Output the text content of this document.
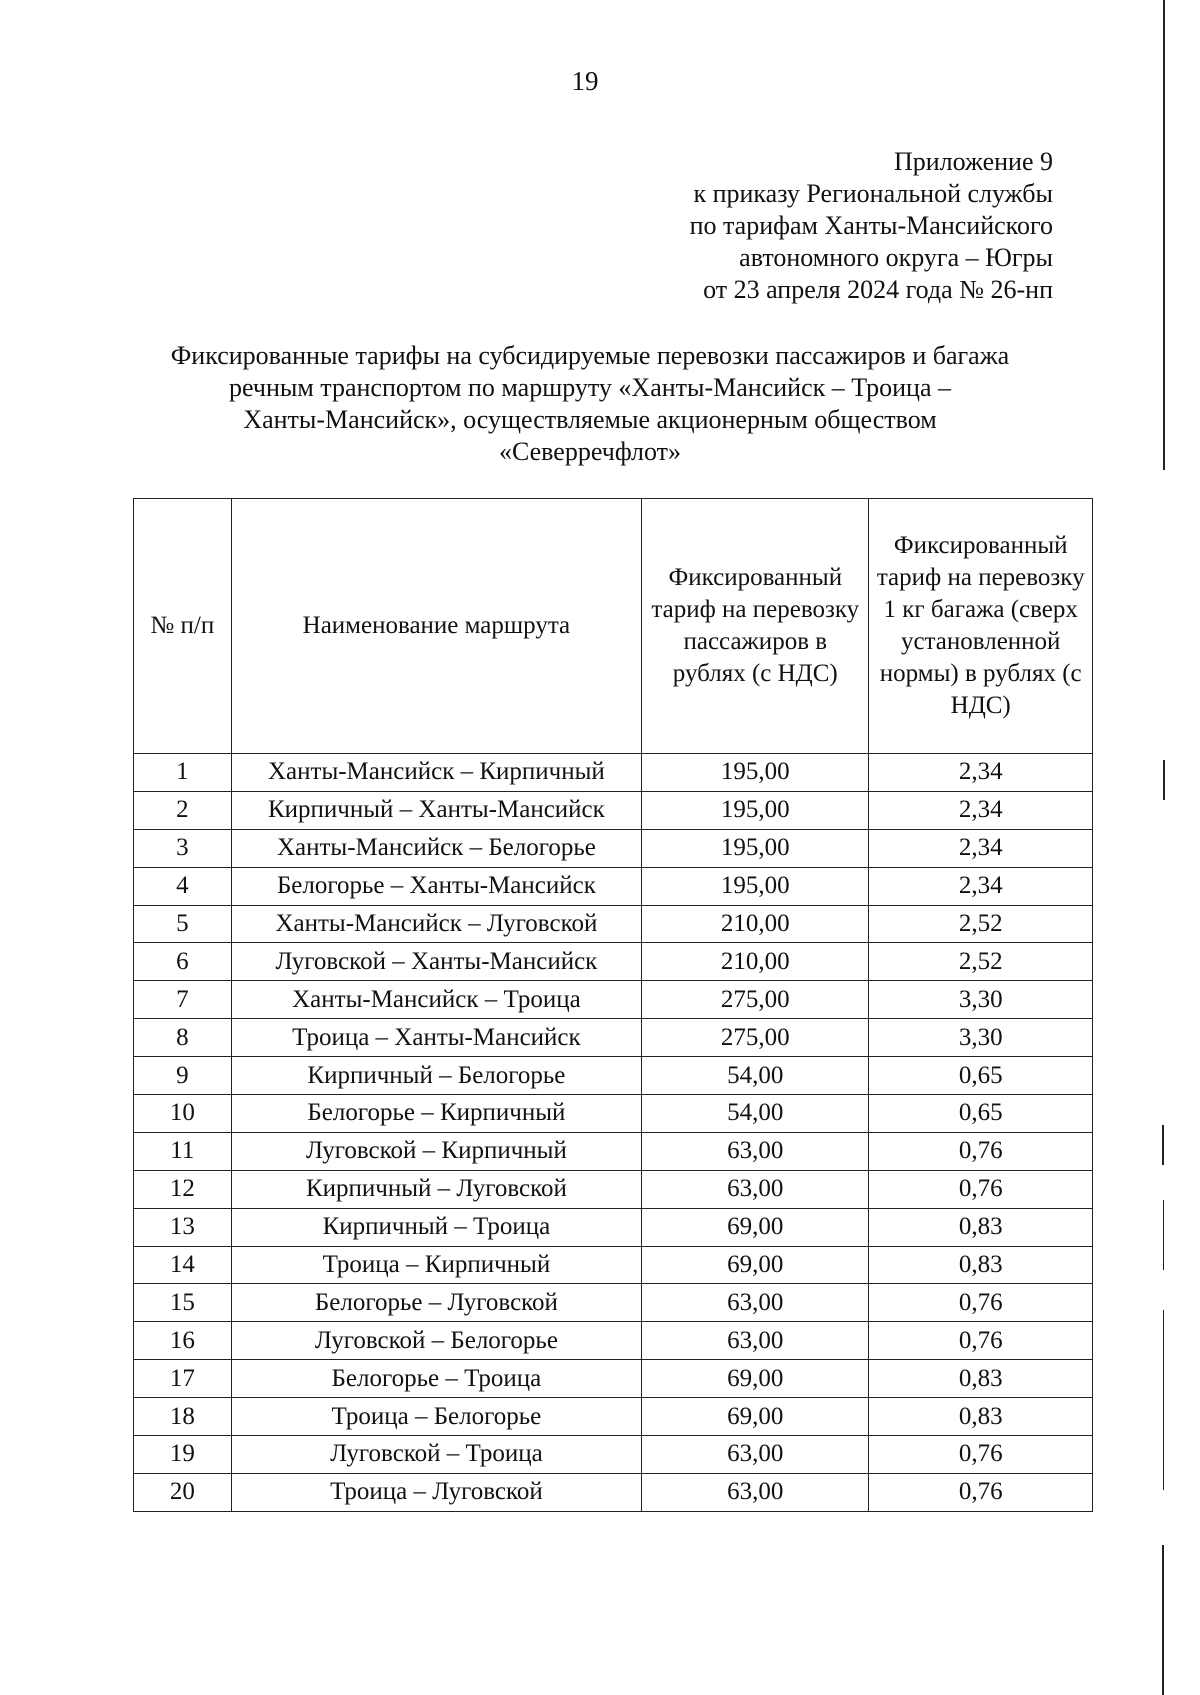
19
Приложение 9
к приказу Региональной службы
по тарифам Ханты-Мансийского
автономного округа – Югры
от 23 апреля 2024 года № 26-нп
Фиксированные тарифы на субсидируемые перевозки пассажиров и багажа
речным транспортом по маршруту «Ханты-Мансийск – Троица –
Ханты-Мансийск», осуществляемые акционерным обществом
«Северречфлот»
№ п/п	Наименование маршрута	Фиксированный тариф на перевозку пассажиров в рублях (с НДС)	Фиксированный тариф на перевозку 1 кг багажа (сверх установленной нормы) в рублях (с НДС)
1	Ханты-Мансийск – Кирпичный	195,00	2,34
2	Кирпичный – Ханты-Мансийск	195,00	2,34
3	Ханты-Мансийск – Белогорье	195,00	2,34
4	Белогорье – Ханты-Мансийск	195,00	2,34
5	Ханты-Мансийск – Луговской	210,00	2,52
6	Луговской – Ханты-Мансийск	210,00	2,52
7	Ханты-Мансийск – Троица	275,00	3,30
8	Троица – Ханты-Мансийск	275,00	3,30
9	Кирпичный – Белогорье	54,00	0,65
10	Белогорье – Кирпичный	54,00	0,65
11	Луговской – Кирпичный	63,00	0,76
12	Кирпичный – Луговской	63,00	0,76
13	Кирпичный – Троица	69,00	0,83
14	Троица – Кирпичный	69,00	0,83
15	Белогорье – Луговской	63,00	0,76
16	Луговской – Белогорье	63,00	0,76
17	Белогорье – Троица	69,00	0,83
18	Троица – Белогорье	69,00	0,83
19	Луговской – Троица	63,00	0,76
20	Троица – Луговской	63,00	0,76
